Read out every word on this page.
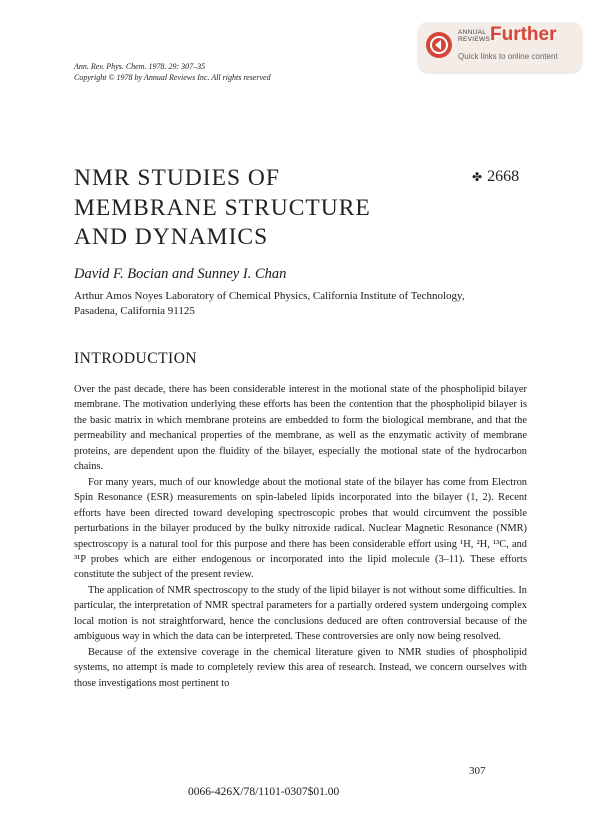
ANNUAL
REVIEWS Further
Quick links to online content
Ann. Rev. Phys. Chem. 1978. 29: 307–35
Copyright © 1978 by Annual Reviews Inc. All rights reserved
NMR STUDIES OF
MEMBRANE STRUCTURE
AND DYNAMICS
✤ 2668
David F. Bocian and Sunney I. Chan
Arthur Amos Noyes Laboratory of Chemical Physics, California Institute of Technology, Pasadena, California 91125
INTRODUCTION

Over the past decade, there has been considerable interest in the motional state of the phospholipid bilayer membrane. The motivation underlying these efforts has been the contention that the phospholipid bilayer is the basic matrix in which membrane proteins are embedded to form the biological membrane, and that the permeability and mechanical properties of the membrane, as well as the enzymatic activity of membrane proteins, are dependent upon the fluidity of the bilayer, especially the motional state of the hydrocarbon chains.

For many years, much of our knowledge about the motional state of the bilayer has come from Electron Spin Resonance (ESR) measurements on spin-labeled lipids incorporated into the bilayer (1, 2). Recent efforts have been directed toward developing spectroscopic probes that would circumvent the possible perturbations in the bilayer produced by the bulky nitroxide radical. Nuclear Magnetic Resonance (NMR) spectroscopy is a natural tool for this purpose and there has been considerable effort using ¹H, ²H, ¹³C, and ³¹P probes which are either endogenous or incorporated into the lipid molecule (3–11). These efforts constitute the subject of the present review.

The application of NMR spectroscopy to the study of the lipid bilayer is not without some difficulties. In particular, the interpretation of NMR spectral parameters for a partially ordered system undergoing complex local motion is not straightforward, hence the conclusions deduced are often controversial because of the ambiguous way in which the data can be interpreted. These controversies are only now being resolved.

Because of the extensive coverage in the chemical literature given to NMR studies of phospholipid systems, no attempt is made to completely review this area of research. Instead, we concern ourselves with those investigations most pertinent to

307
0066-426X/78/1101-0307$01.00
